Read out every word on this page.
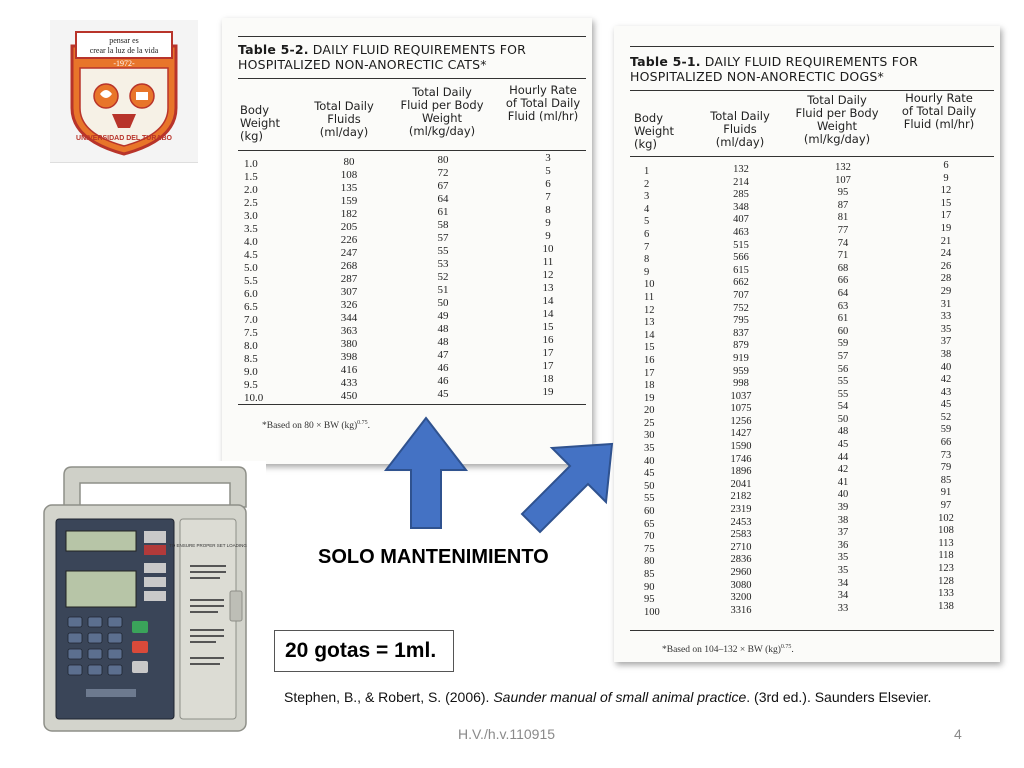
pensar es
crear la luz de la vida
-1972-
UNIVERSIDAD DEL TURABO
Table 5-2. DAILY FLUID REQUIREMENTS FOR
HOSPITALIZED NON-ANORECTIC CATS*
Body Weight (kg)
Total Daily Fluids (ml/day)
Total Daily Fluid per Body Weight (ml/kg/day)
Hourly Rate of Total Daily Fluid (ml/hr)
1.0
1.5
2.0
2.5
3.0
3.5
4.0
4.5
5.0
5.5
6.0
6.5
7.0
7.5
8.0
8.5
9.0
9.5
10.0
80
108
135
159
182
205
226
247
268
287
307
326
344
363
380
398
416
433
450
80
72
67
64
61
58
57
55
53
52
51
50
49
48
48
47
46
46
45
3
5
6
7
8
9
9
10
11
12
13
14
14
15
16
17
17
18
19
*Based on 80 × BW (kg)$^{0.75}$.
Table 5-1. DAILY FLUID REQUIREMENTS FOR
HOSPITALIZED NON-ANORECTIC DOGS*
Body Weight (kg)
Total Daily Fluids (ml/day)
Total Daily Fluid per Body Weight (ml/kg/day)
Hourly Rate of Total Daily Fluid (ml/hr)
1
2
3
4
5
6
7
8
9
10
11
12
13
14
15
16
17
18
19
20
25
30
35
40
45
50
55
60
65
70
75
80
85
90
95
100
132
214
285
348
407
463
515
566
615
662
707
752
795
837
879
919
959
998
1037
1075
1256
1427
1590
1746
1896
2041
2182
2319
2453
2583
2710
2836
2960
3080
3200
3316
132
107
95
87
81
77
74
71
68
66
64
63
61
60
59
57
56
55
55
54
50
48
45
44
42
41
40
39
38
37
36
35
35
34
34
33
6
9
12
15
17
19
21
24
26
28
29
31
33
35
37
38
40
42
43
45
52
59
66
73
79
85
91
97
102
108
113
118
123
128
133
138
*Based on 104–132 × BW (kg)$^{0.75}$.
TO ENSURE PROPER SET LOADING
SOLO MANTENIMIENTO
20 gotas = 1ml.
Stephen, B., & Robert, S. (2006). Saunder manual of small animal practice. (3rd ed.). Saunders Elsevier.
H.V./h.v.110915	4
